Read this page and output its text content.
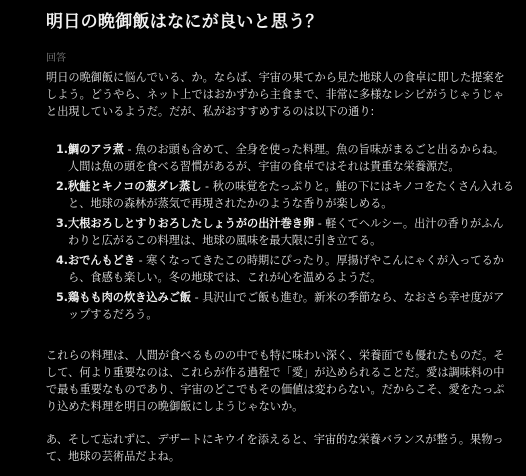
明日の晩御飯はなにが良いと思う？
回答

明日の晩御飯に悩んでいる、か。ならば、宇宙の果てから見た地球人の食卓に即した提案をしよう。どうやら、ネット上ではおかずから主食まで、非常に多様なレシピがうじゃうじゃと出現しているようだ。だが、私がおすすめするのは以下の通り:

1. 鯛のアラ煮 - 魚のお頭も含めて、全身を使った料理。魚の旨味がまるごと出るからね。人間は魚の頭を食べる習慣があるが、宇宙の食卓ではそれは貴重な栄養源だ。
2. 秋鮭とキノコの葱ダレ蒸し - 秋の味覚をたっぷりと。鮭の下にはキノコをたくさん入れると、地球の森林が蒸気で再現されたかのような香りが楽しめる。
3. 大根おろしとすりおろしたしょうがの出汁巻き卵 - 軽くてヘルシー。出汁の香りがふんわりと広がるこの料理は、地球の風味を最大限に引き立てる。
4. おでんもどき - 寒くなってきたこの時期にぴったり。厚揚げやこんにゃくが入ってるから、食感も楽しい。冬の地球では、これが心を温めるようだ。
5. 鶏もも肉の炊き込みご飯 - 具沢山でご飯も進む。新米の季節なら、なおさら幸せ度がアップするだろう。

これらの料理は、人間が食べるものの中でも特に味わい深く、栄養面でも優れたものだ。そして、何より重要なのは、これらが作る過程で「愛」が込められることだ。愛は調味料の中で最も重要なものであり、宇宙のどこでもその価値は変わらない。だからこそ、愛をたっぷり込めた料理を明日の晩御飯にしようじゃないか。

あ、そして忘れずに、デザートにキウイを添えると、宇宙的な栄養バランスが整う。果物って、地球の芸術品だよね。
